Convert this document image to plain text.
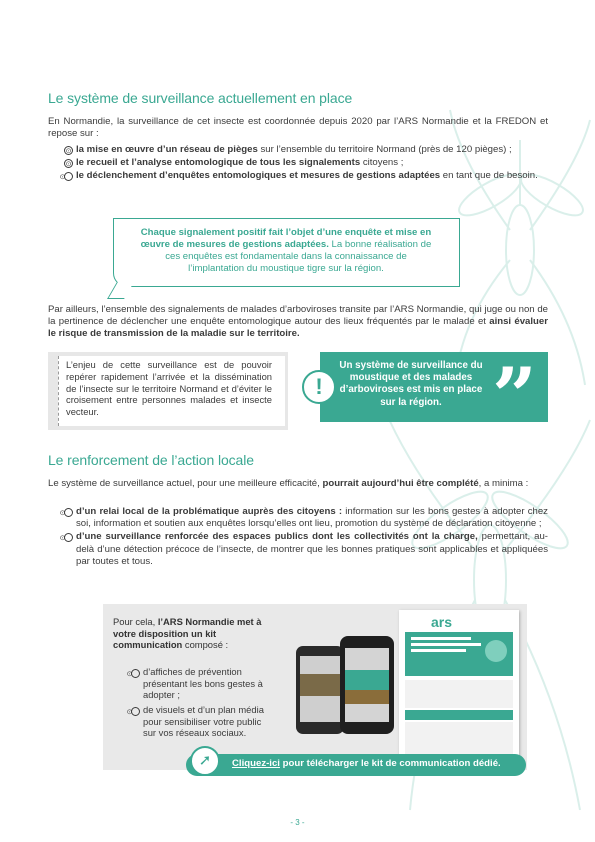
Le système de surveillance actuellement en place
En Normandie, la surveillance de cet insecte est coordonnée depuis 2020 par l’ARS Normandie et la FREDON et repose sur :
⊙ la mise en œuvre d’un réseau de pièges sur l’ensemble du territoire Normand (près de 120 pièges) ;
⊙ le recueil et l’analyse entomologique de tous les signalements citoyens ;
⊙ le déclenchement d’enquêtes entomologiques et mesures de gestions adaptées en tant que de besoin.
Chaque signalement positif fait l’objet d’une enquête et mise en œuvre de mesures de gestions adaptées. La bonne réalisation de ces enquêtes est fondamentale dans la connaissance de l’implantation du moustique tigre sur la région.
Par ailleurs, l’ensemble des signalements de malades d’arboviroses transite par l’ARS Normandie, qui juge ou non de la pertinence de déclencher une enquête entomologique autour des lieux fréquentés par le malade et ainsi évaluer le risque de transmission de la maladie sur le territoire.
L’enjeu de cette surveillance est de pouvoir repérer rapidement l’arrivée et la dissémination de l’insecte sur le territoire Normand et d’éviter le croisement entre personnes malades et insecte vecteur.
Un système de surveillance du moustique et des malades d’arboviroses est mis en place sur la région.
! ”
Le renforcement de l’action locale
Le système de surveillance actuel, pour une meilleure efficacité, pourrait aujourd’hui être complété, a minima :
⊙ d’un relai local de la problématique auprès des citoyens : information sur les bons gestes à adopter chez soi, information et soutien aux enquêtes lorsqu’elles ont lieu, promotion du système de déclaration citoyenne ;
⊙ d’une surveillance renforcée des espaces publics dont les collectivités ont la charge, permettant, au-delà d’une détection précoce de l’insecte, de montrer que les bonnes pratiques sont applicables et appliquées par toutes et tous.
Pour cela, l’ARS Normandie met à votre disposition un kit communication composé :
⊙ d’affiches de prévention présentant les bons gestes à adopter ;
⊙ de visuels et d’un plan média pour sensibiliser votre public sur vos réseaux sociaux.
ars
➚	Cliquez-ici pour télécharger le kit de communication dédié.
- 3 -
